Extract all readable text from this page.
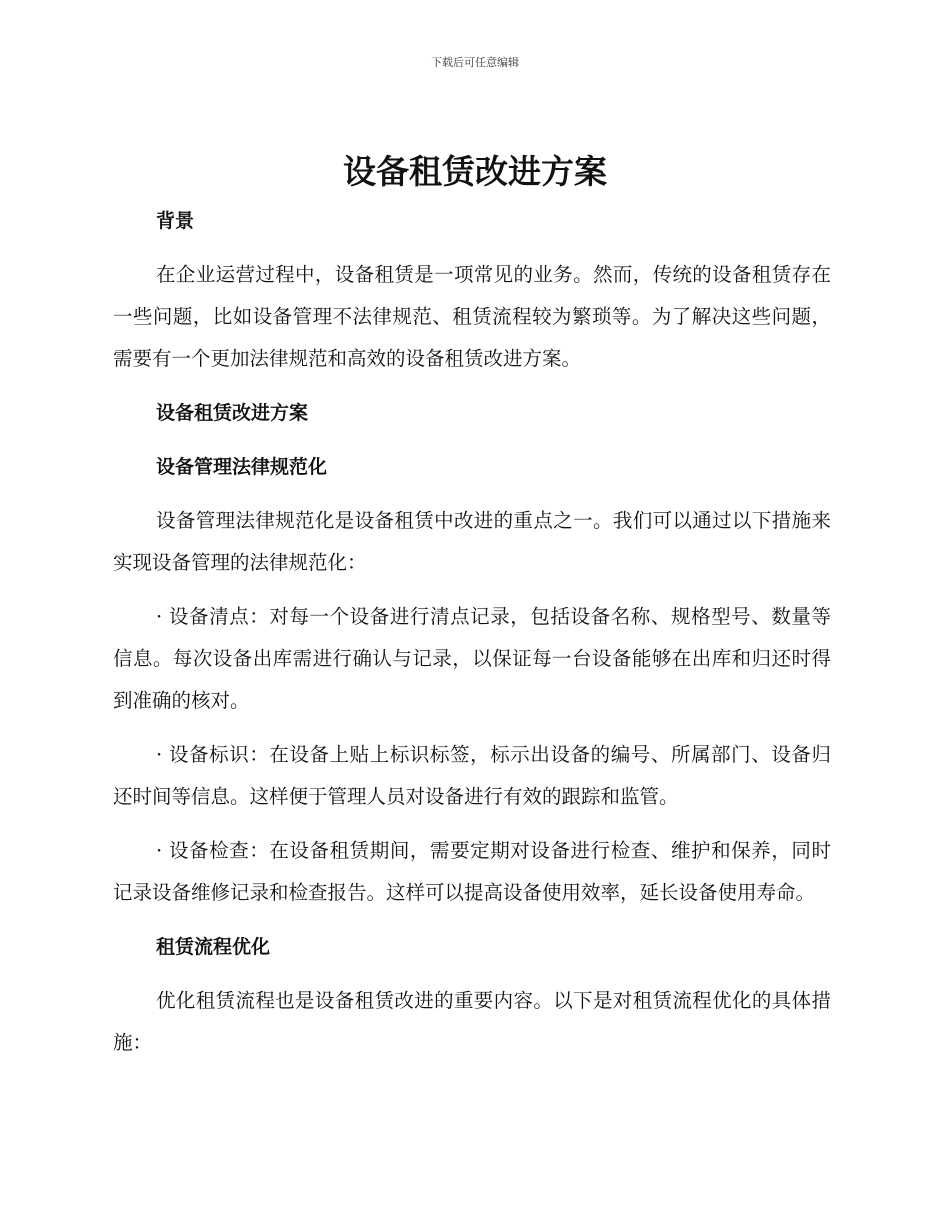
下载后可任意编辑
设备租赁改进方案
背景

在企业运营过程中，设备租赁是一项常见的业务。然而，传统的设备租赁存在一些问题，比如设备管理不法律规范、租赁流程较为繁琐等。为了解决这些问题，需要有一个更加法律规范和高效的设备租赁改进方案。

设备租赁改进方案
设备管理法律规范化

设备管理法律规范化是设备租赁中改进的重点之一。我们可以通过以下措施来实现设备管理的法律规范化：

· 设备清点：对每一个设备进行清点记录，包括设备名称、规格型号、数量等信息。每次设备出库需进行确认与记录，以保证每一台设备能够在出库和归还时得到准确的核对。

· 设备标识：在设备上贴上标识标签，标示出设备的编号、所属部门、设备归还时间等信息。这样便于管理人员对设备进行有效的跟踪和监管。

· 设备检查：在设备租赁期间，需要定期对设备进行检查、维护和保养，同时记录设备维修记录和检查报告。这样可以提高设备使用效率，延长设备使用寿命。

租赁流程优化

优化租赁流程也是设备租赁改进的重要内容。以下是对租赁流程优化的具体措施：
